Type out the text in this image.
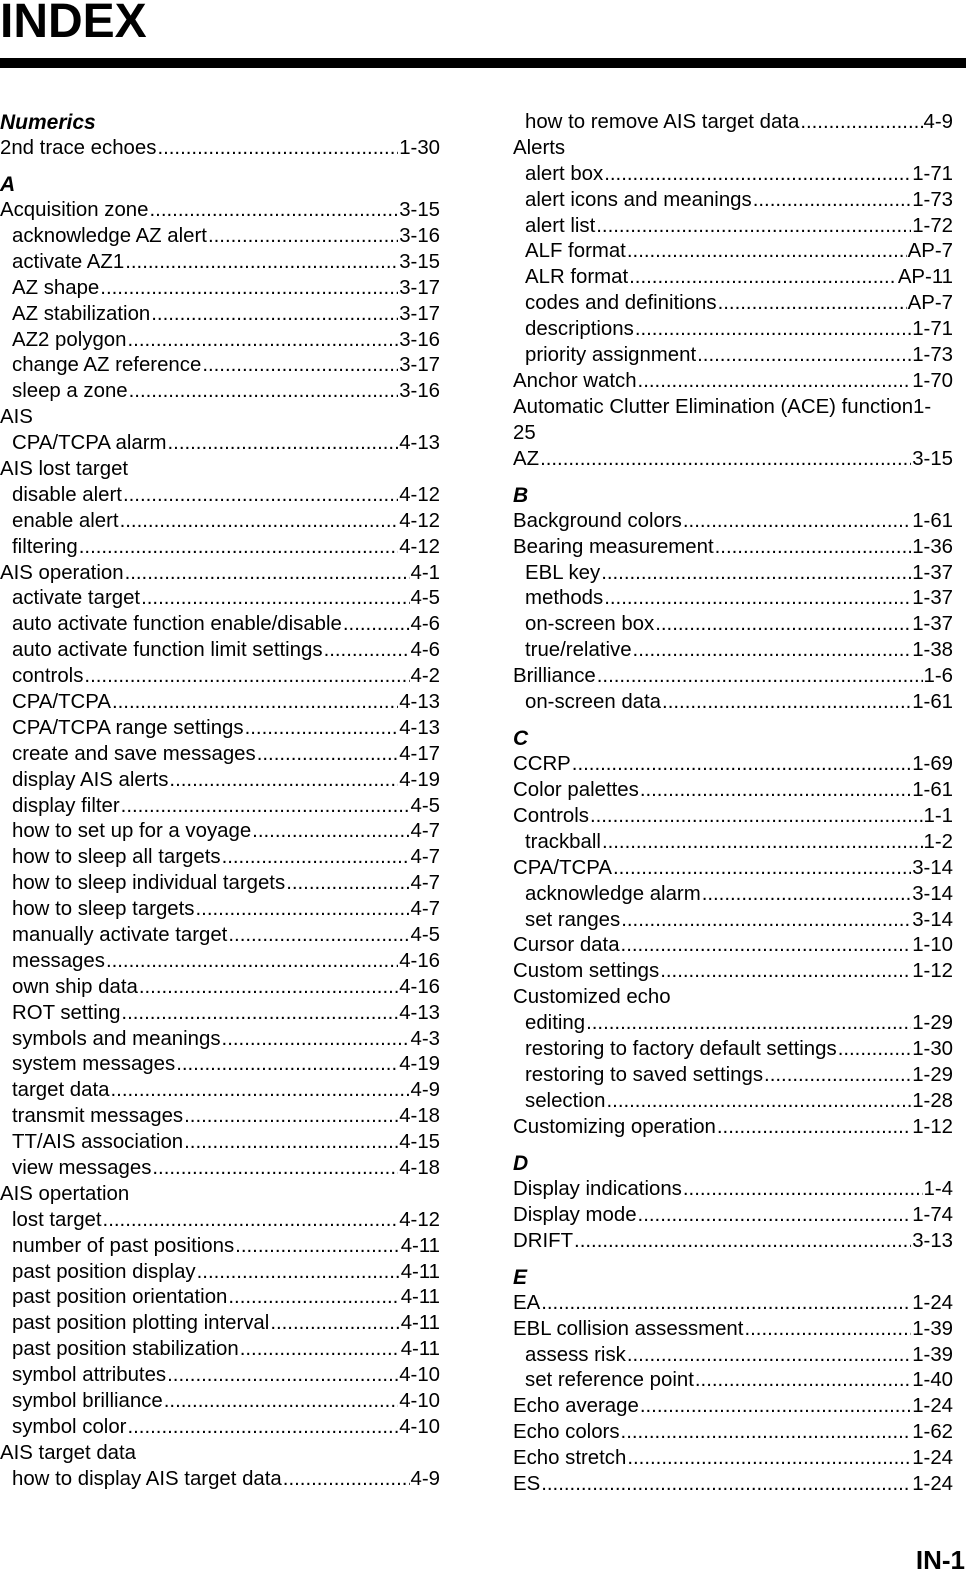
INDEX
Numerics
2nd trace echoes .....	1-30
A
Acquisition zone .....	3-15
acknowledge AZ alert .....	3-16
activate AZ1 .....	3-15
AZ shape .....	3-17
AZ stabilization .....	3-17
AZ2 polygon .....	3-16
change AZ reference .....	3-17
sleep a zone .....	3-16
AIS
CPA/TCPA alarm .....	4-13
AIS lost target
disable alert .....	4-12
enable alert .....	4-12
filtering .....	4-12
AIS operation .....	4-1
activate target .....	4-5
auto activate function enable/disable .....	4-6
auto activate function limit settings .....	4-6
controls .....	4-2
CPA/TCPA .....	4-13
CPA/TCPA range settings .....	4-13
create and save messages .....	4-17
display AIS alerts .....	4-19
display filter .....	4-5
how to set up for a voyage .....	4-7
how to sleep all targets .....	4-7
how to sleep individual targets .....	4-7
how to sleep targets .....	4-7
manually activate target .....	4-5
messages .....	4-16
own ship data .....	4-16
ROT setting .....	4-13
symbols and meanings .....	4-3
system messages .....	4-19
target data .....	4-9
transmit messages .....	4-18
TT/AIS association .....	4-15
view messages .....	4-18
AIS opertation
lost target .....	4-12
number of past positions .....	4-11
past position display .....	4-11
past position orientation .....	4-11
past position plotting interval .....	4-11
past position stabilization .....	4-11
symbol attributes .....	4-10
symbol brilliance .....	4-10
symbol color .....	4-10
AIS target data
how to display AIS target data .....	4-9
how to remove AIS target data .....	4-9
Alerts
alert box .....	1-71
alert icons and meanings .....	1-73
alert list .....	1-72
ALF format .....	AP-7
ALR format .....	AP-11
codes and definitions .....	AP-7
descriptions .....	1-71
priority assignment .....	1-73
Anchor watch .....	1-70
Automatic Clutter Elimination (ACE) function1-
25
AZ .....	3-15
B
Background colors .....	1-61
Bearing measurement .....	1-36
EBL key .....	1-37
methods .....	1-37
on-screen box .....	1-37
true/relative .....	1-38
Brilliance .....	1-6
on-screen data .....	1-61
C
CCRP .....	1-69
Color palettes .....	1-61
Controls .....	1-1
trackball .....	1-2
CPA/TCPA .....	3-14
acknowledge alarm .....	3-14
set ranges .....	3-14
Cursor data .....	1-10
Custom settings .....	1-12
Customized echo
editing .....	1-29
restoring to factory default settings .....	1-30
restoring to saved settings .....	1-29
selection .....	1-28
Customizing operation .....	1-12
D
Display indications .....	1-4
Display mode .....	1-74
DRIFT .....	3-13
E
EA .....	1-24
EBL collision assessment .....	1-39
assess risk .....	1-39
set reference point .....	1-40
Echo average .....	1-24
Echo colors .....	1-62
Echo stretch .....	1-24
ES .....	1-24
IN-1
